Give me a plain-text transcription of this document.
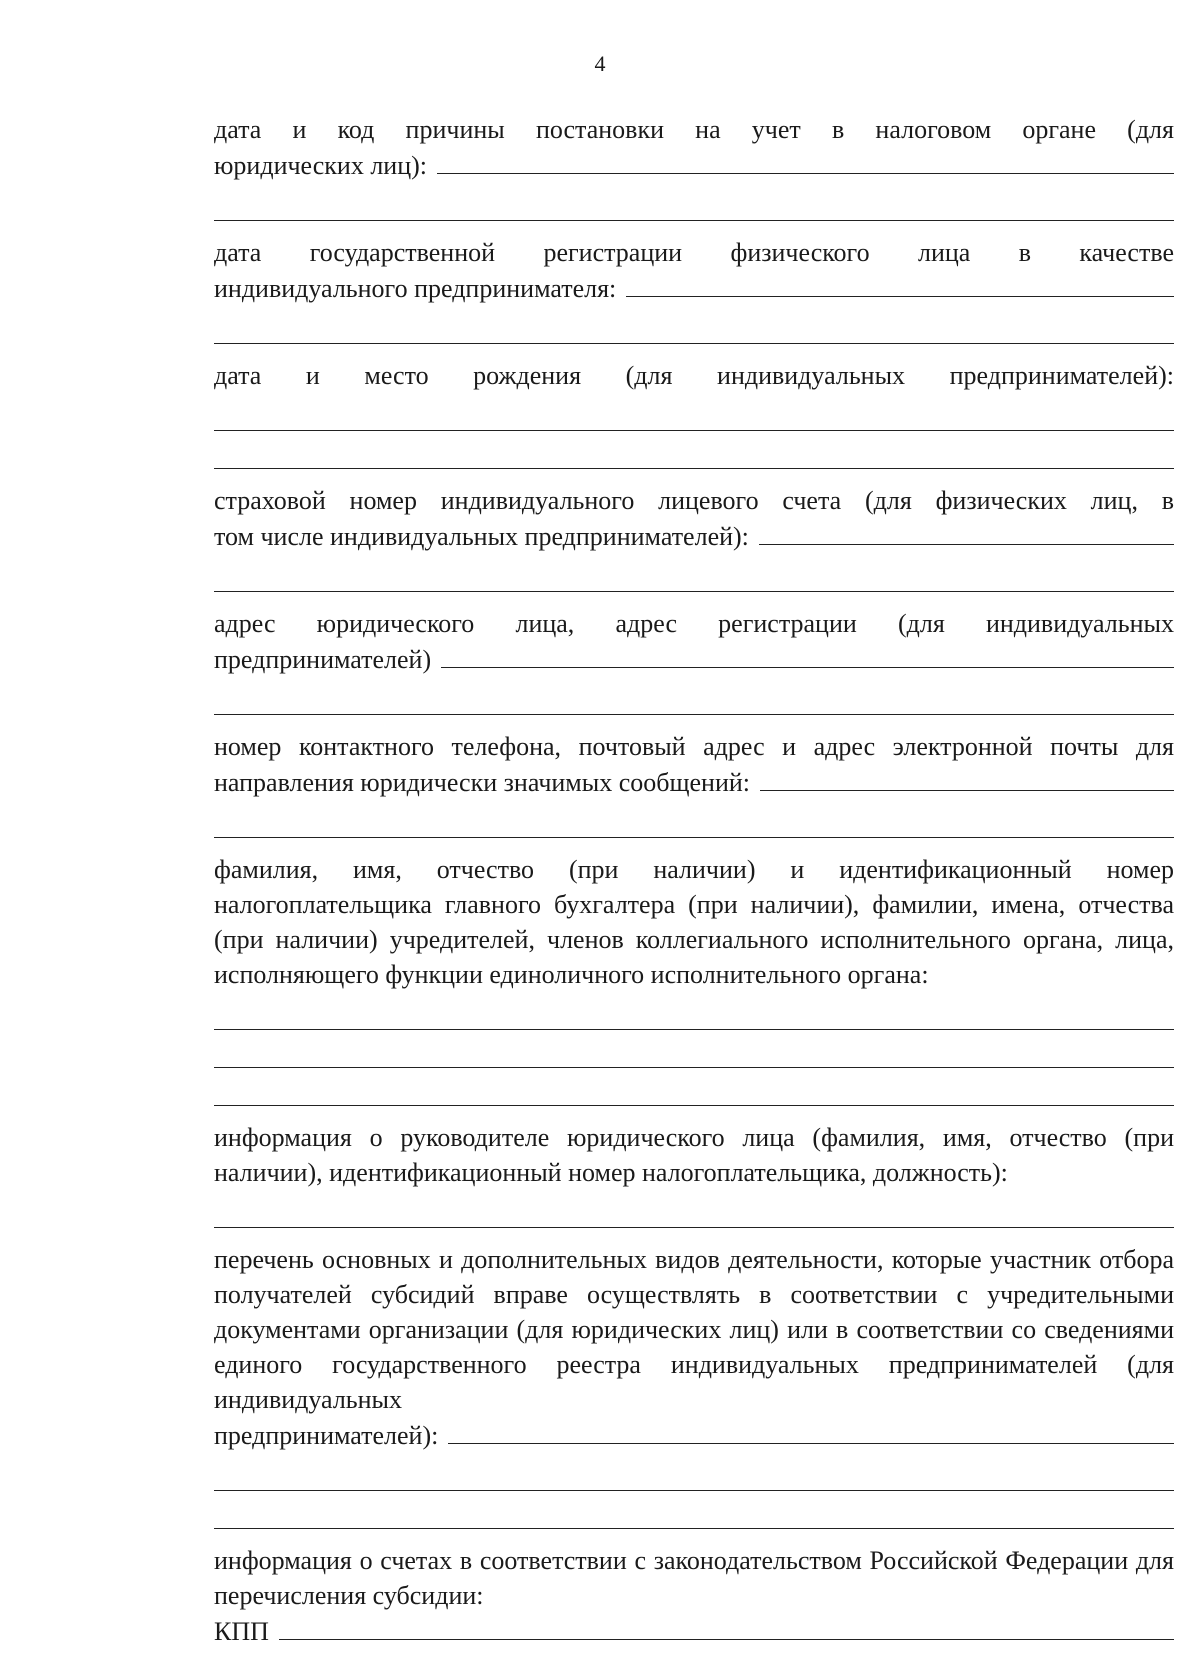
4
дата и код причины постановки на учет в налоговом органе (для
юридических лиц):
дата государственной регистрации физического лица в качестве
индивидуального предпринимателя:
дата и место рождения (для индивидуальных предпринимателей):
страховой номер индивидуального лицевого счета (для физических лиц, в
том числе индивидуальных предпринимателей):
адрес юридического лица, адрес регистрации (для индивидуальных
предпринимателей)
номер контактного телефона, почтовый адрес и адрес электронной почты для
направления юридически значимых сообщений:
фамилия, имя, отчество (при наличии) и идентификационный номер налогоплательщика главного бухгалтера (при наличии), фамилии, имена, отчества (при наличии) учредителей, членов коллегиального исполнительного органа, лица, исполняющего функции единоличного исполнительного органа:
информация о руководителе юридического лица (фамилия, имя, отчество (при наличии), идентификационный номер налогоплательщика, должность):
перечень основных и дополнительных видов деятельности, которые участник отбора получателей субсидий вправе осуществлять в соответствии с учредительными документами организации (для юридических лиц) или в соответствии со сведениями единого государственного реестра индивидуальных предпринимателей (для индивидуальных
предпринимателей):
информация о счетах в соответствии с законодательством Российской Федерации для перечисления субсидии:
КПП
